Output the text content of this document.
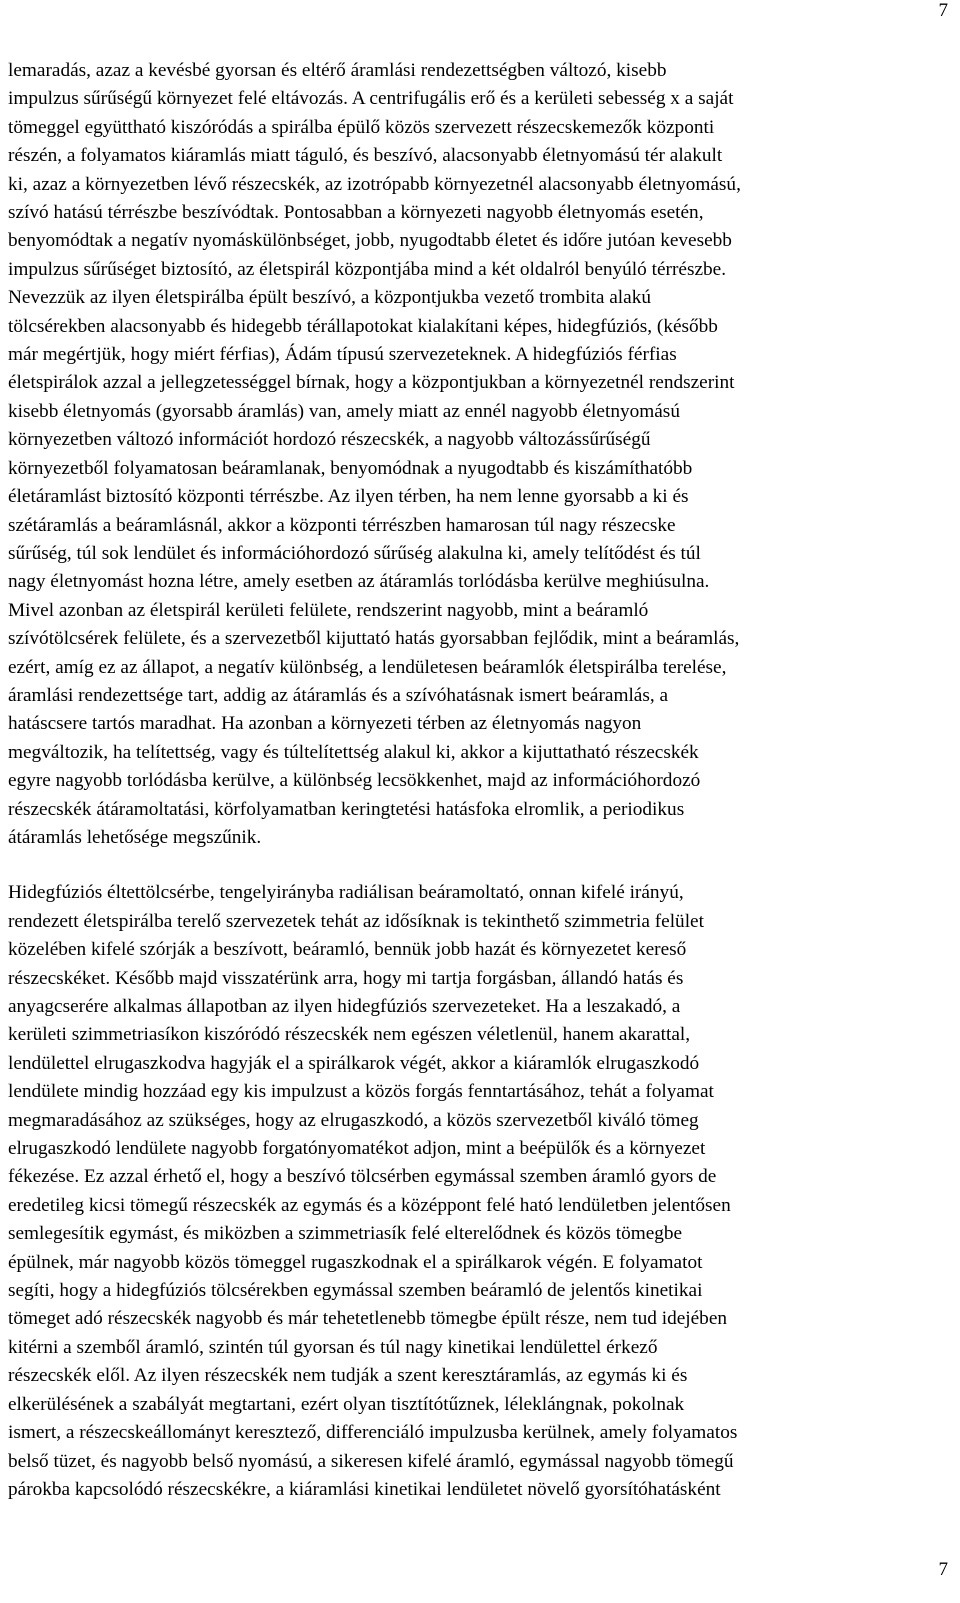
7

lemaradás, azaz a kevésbé gyorsan és eltérő áramlási rendezettségben változó, kisebb
impulzus sűrűségű környezet felé eltávozás. A centrifugális erő és a kerületi sebesség x a saját
tömeggel együttható kiszóródás a spirálba épülő közös szervezett részecskemezők központi
részén, a folyamatos kiáramlás miatt táguló, és beszívó, alacsonyabb életnyomású tér alakult
ki, azaz a környezetben lévő részecskék, az izotrópabb környezetnél alacsonyabb életnyomású,
szívó hatású térrészbe beszívódtak. Pontosabban a környezeti nagyobb életnyomás esetén,
benyomódtak a negatív nyomáskülönbséget, jobb, nyugodtabb életet és időre jutóan kevesebb
impulzus sűrűséget biztosító, az életspirál központjába mind a két oldalról benyúló térrészbe.
Nevezzük az ilyen életspirálba épült beszívó, a központjukba vezető trombita alakú
tölcsérekben alacsonyabb és hidegebb térállapotokat kialakítani képes, hidegfúziós, (később
már megértjük, hogy miért férfias), Ádám típusú szervezeteknek. A hidegfúziós férfias
életspirálok azzal a jellegzetességgel bírnak, hogy a központjukban a környezetnél rendszerint
kisebb életnyomás (gyorsabb áramlás) van, amely miatt az ennél nagyobb életnyomású
környezetben változó információt hordozó részecskék, a nagyobb változássűrűségű
környezetből folyamatosan beáramlanak, benyomódnak a nyugodtabb és kiszámíthatóbb
életáramlást biztosító központi térrészbe. Az ilyen térben, ha nem lenne gyorsabb a ki és
szétáramlás a beáramlásnál, akkor a központi térrészben hamarosan túl nagy részecske
sűrűség, túl sok lendület és információhordozó sűrűség alakulna ki, amely telítődést és túl
nagy életnyomást hozna létre, amely esetben az átáramlás torlódásba kerülve meghiúsulna.
Mivel azonban az életspirál kerületi felülete, rendszerint nagyobb, mint a beáramló
szívótölcsérek felülete, és a szervezetből kijuttató hatás gyorsabban fejlődik, mint a beáramlás,
ezért, amíg ez az állapot, a negatív különbség, a lendületesen beáramlók életspirálba terelése,
áramlási rendezettsége tart, addig az átáramlás és a szívóhatásnak ismert beáramlás, a
hatáscsere tartós maradhat. Ha azonban a környezeti térben az életnyomás nagyon
megváltozik, ha telítettség, vagy és túltelítettség alakul ki, akkor a kijuttatható részecskék
egyre nagyobb torlódásba kerülve, a különbség lecsökkenhet, majd az információhordozó
részecskék átáramoltatási, körfolyamatban keringtetési hatásfoka elromlik, a periodikus
átáramlás lehetősége megszűnik.

Hidegfúziós éltettölcsérbe, tengelyirányba radiálisan beáramoltató, onnan kifelé irányú,
rendezett életspirálba terelő szervezetek tehát az idősíknak is tekinthető szimmetria felület
közelében kifelé szórják a beszívott, beáramló, bennük jobb hazát és környezetet kereső
részecskéket. Később majd visszatérünk arra, hogy mi tartja forgásban, állandó hatás és
anyagcserére alkalmas állapotban az ilyen hidegfúziós szervezeteket. Ha a leszakadó, a
kerületi szimmetriasíkon kiszóródó részecskék nem egészen véletlenül, hanem akarattal,
lendülettel elrugaszkodva hagyják el a spirálkarok végét, akkor a kiáramlók elrugaszkodó
lendülete mindig hozzáad egy kis impulzust a közös forgás fenntartásához, tehát a folyamat
megmaradásához az szükséges, hogy az elrugaszkodó, a közös szervezetből kiváló tömeg
elrugaszkodó lendülete nagyobb forgatónyomatékot adjon, mint a beépülők és a környezet
fékezése. Ez azzal érhető el, hogy a beszívó tölcsérben egymással szemben áramló gyors de
eredetileg kicsi tömegű részecskék az egymás és a középpont felé ható lendületben jelentősen
semlegesítik egymást, és miközben a szimmetriasík felé elterelődnek és közös tömegbe
épülnek, már nagyobb közös tömeggel rugaszkodnak el a spirálkarok végén. E folyamatot
segíti, hogy a hidegfúziós tölcsérekben egymással szemben beáramló de jelentős kinetikai
tömeget adó részecskék nagyobb és már tehetetlenebb tömegbe épült része, nem tud idejében
kitérni a szemből áramló, szintén túl gyorsan és túl nagy kinetikai lendülettel érkező
részecskék elől. Az ilyen részecskék nem tudják a szent keresztáramlás, az egymás ki és
elkerülésének a szabályát megtartani, ezért olyan tisztítótűznek, léleklángnak, pokolnak
ismert, a részecskeállományt keresztező, differenciáló impulzusba kerülnek, amely folyamatos
belső tüzet, és nagyobb belső nyomású, a sikeresen kifelé áramló, egymással nagyobb tömegű
párokba kapcsolódó részecskékre, a kiáramlási kinetikai lendületet növelő gyorsítóhatásként

7
